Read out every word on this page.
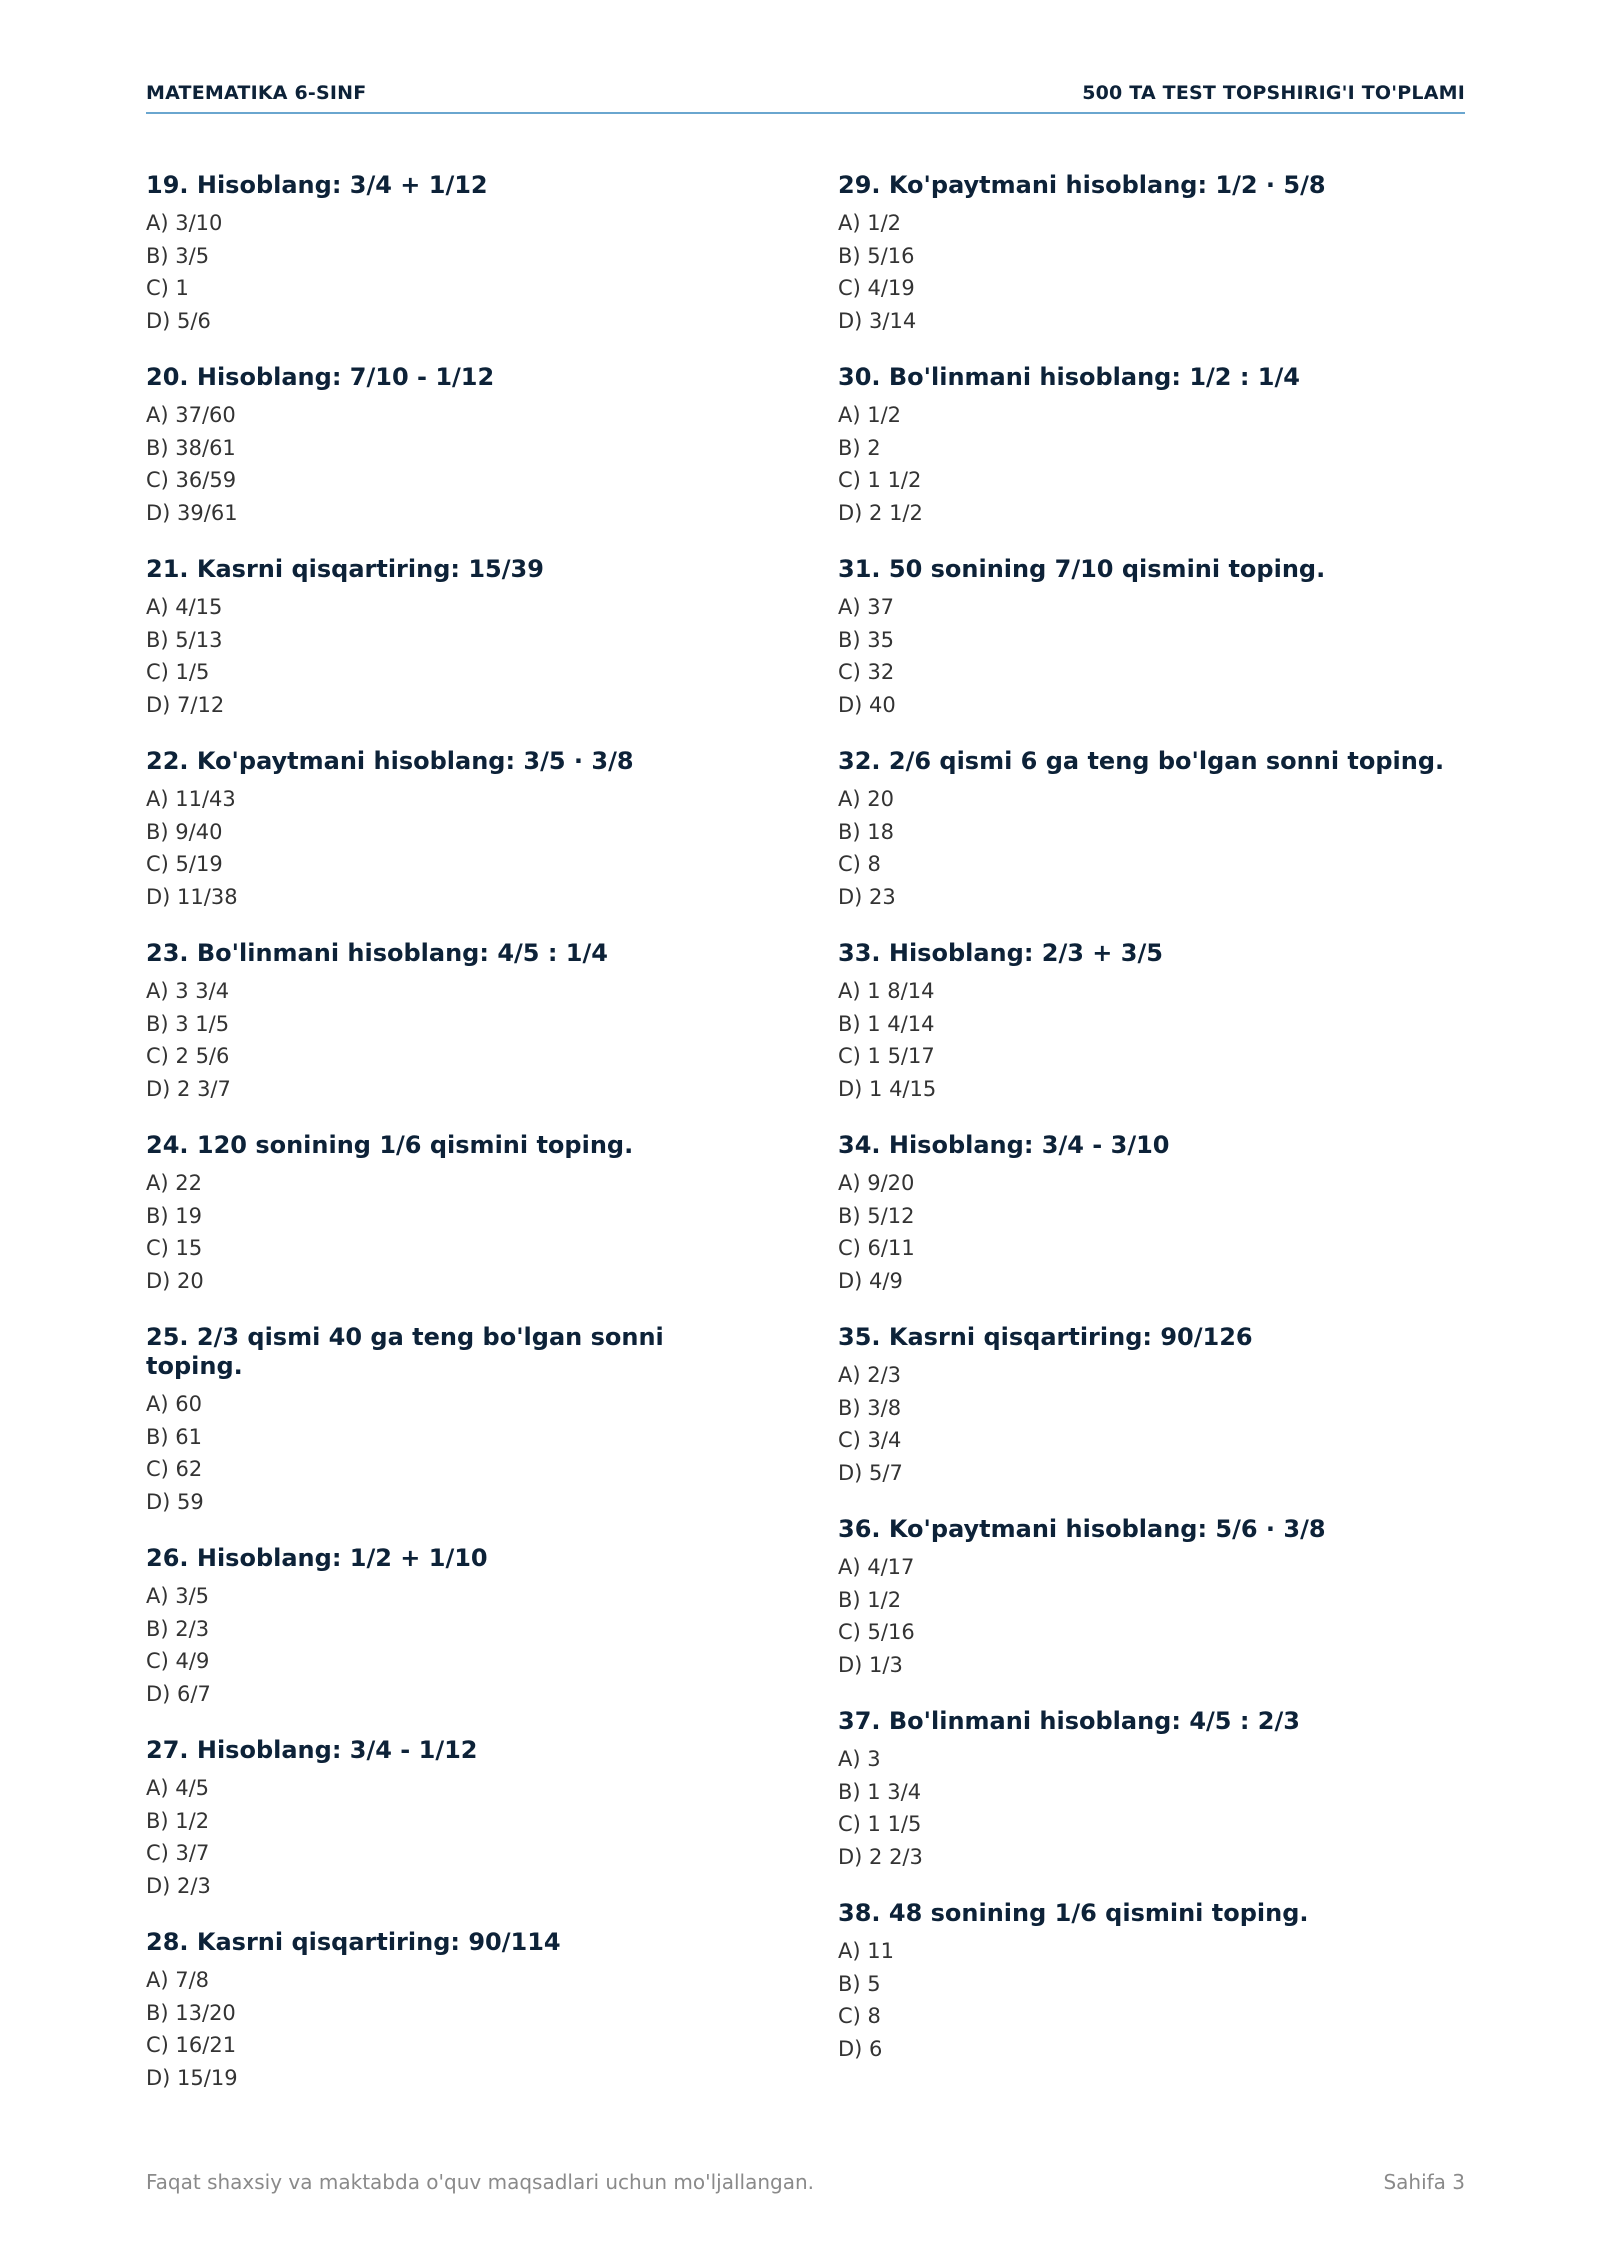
MATEMATIKA 6-SINF	500 TA TEST TOPSHIRIG'I TO'PLAMI
19. Hisoblang: 3/4 + 1/12
A) 3/10
B) 3/5
C) 1
D) 5/6
20. Hisoblang: 7/10 - 1/12
A) 37/60
B) 38/61
C) 36/59
D) 39/61
21. Kasrni qisqartiring: 15/39
A) 4/15
B) 5/13
C) 1/5
D) 7/12
22. Ko'paytmani hisoblang: 3/5 · 3/8
A) 11/43
B) 9/40
C) 5/19
D) 11/38
23. Bo'linmani hisoblang: 4/5 : 1/4
A) 3 3/4
B) 3 1/5
C) 2 5/6
D) 2 3/7
24. 120 sonining 1/6 qismini toping.
A) 22
B) 19
C) 15
D) 20
25. 2/3 qismi 40 ga teng bo'lgan sonni toping.
A) 60
B) 61
C) 62
D) 59
26. Hisoblang: 1/2 + 1/10
A) 3/5
B) 2/3
C) 4/9
D) 6/7
27. Hisoblang: 3/4 - 1/12
A) 4/5
B) 1/2
C) 3/7
D) 2/3
28. Kasrni qisqartiring: 90/114
A) 7/8
B) 13/20
C) 16/21
D) 15/19
29. Ko'paytmani hisoblang: 1/2 · 5/8
A) 1/2
B) 5/16
C) 4/19
D) 3/14
30. Bo'linmani hisoblang: 1/2 : 1/4
A) 1/2
B) 2
C) 1 1/2
D) 2 1/2
31. 50 sonining 7/10 qismini toping.
A) 37
B) 35
C) 32
D) 40
32. 2/6 qismi 6 ga teng bo'lgan sonni toping.
A) 20
B) 18
C) 8
D) 23
33. Hisoblang: 2/3 + 3/5
A) 1 8/14
B) 1 4/14
C) 1 5/17
D) 1 4/15
34. Hisoblang: 3/4 - 3/10
A) 9/20
B) 5/12
C) 6/11
D) 4/9
35. Kasrni qisqartiring: 90/126
A) 2/3
B) 3/8
C) 3/4
D) 5/7
36. Ko'paytmani hisoblang: 5/6 · 3/8
A) 4/17
B) 1/2
C) 5/16
D) 1/3
37. Bo'linmani hisoblang: 4/5 : 2/3
A) 3
B) 1 3/4
C) 1 1/5
D) 2 2/3
38. 48 sonining 1/6 qismini toping.
A) 11
B) 5
C) 8
D) 6
Faqat shaxsiy va maktabda o'quv maqsadlari uchun mo'ljallangan.	Sahifa 3
